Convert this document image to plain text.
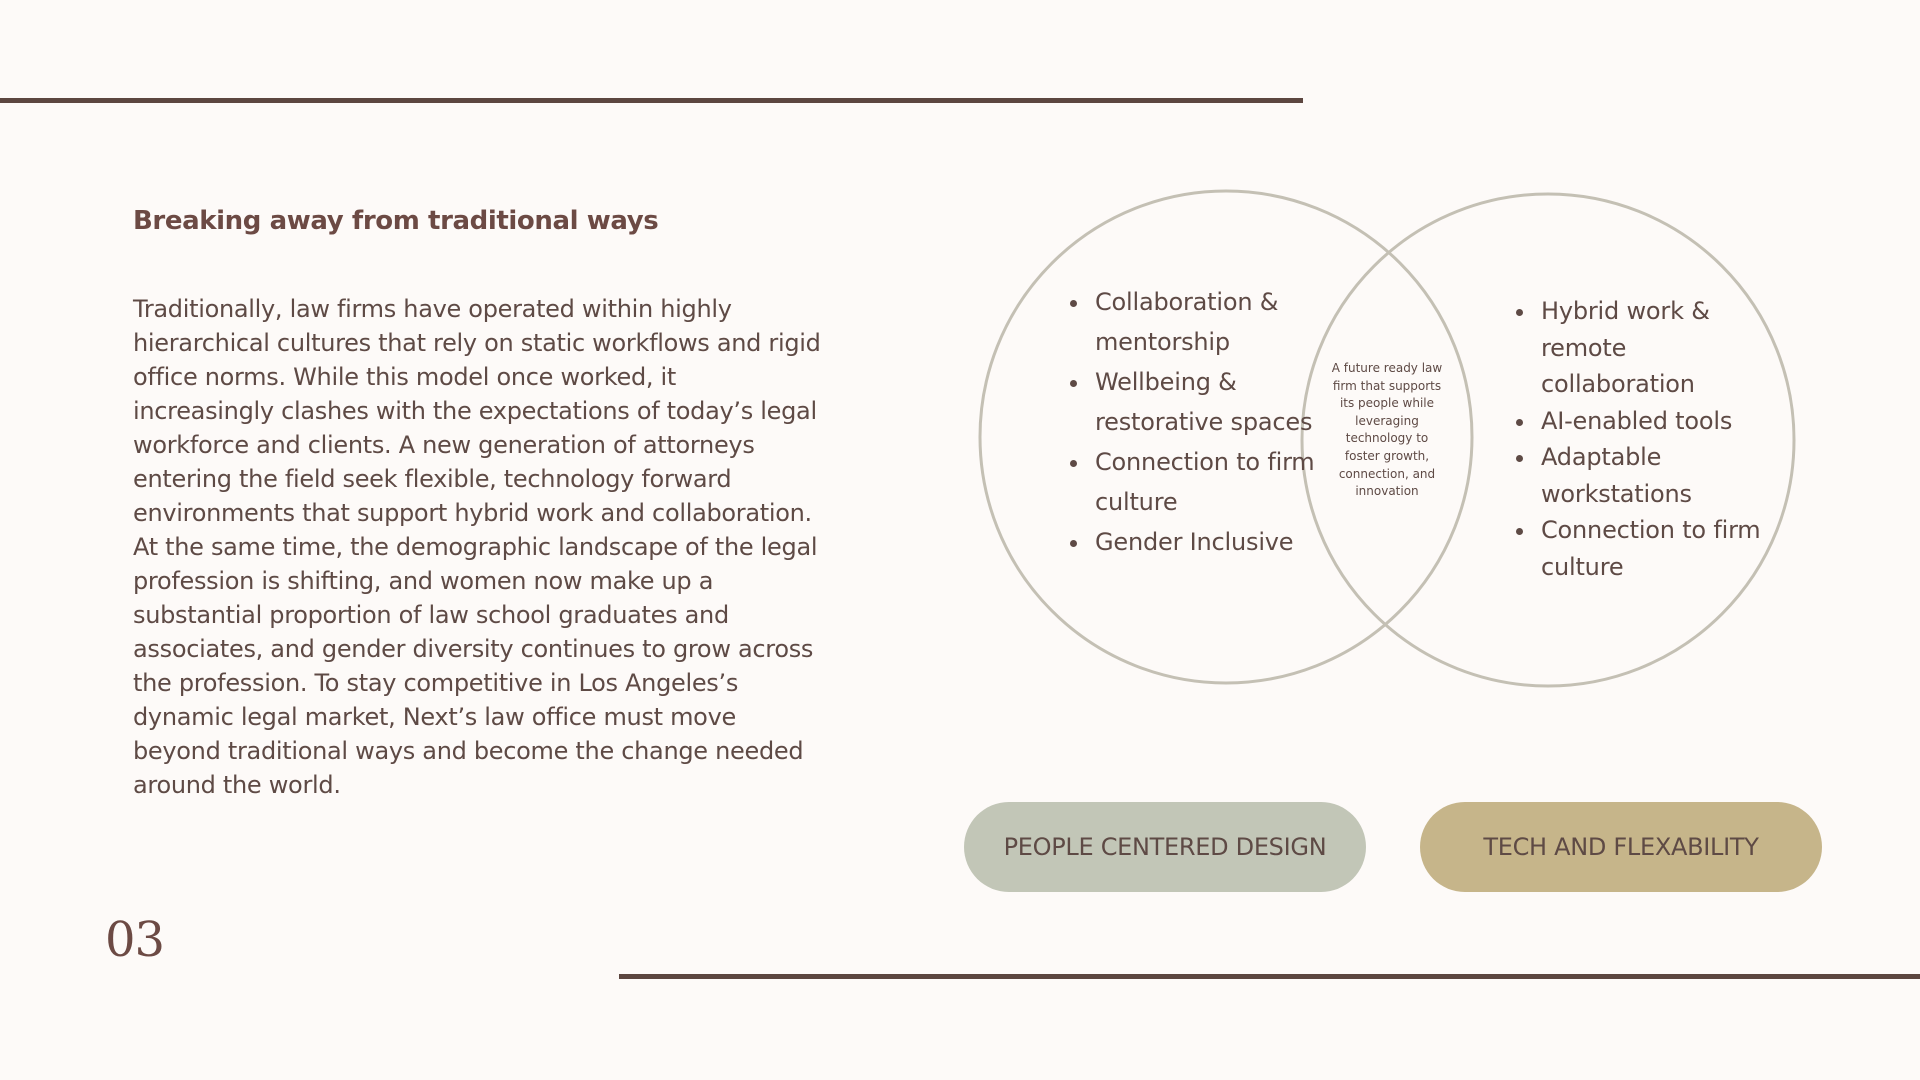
Breaking away from traditional ways

Traditionally, law firms have operated within highly hierarchical cultures that rely on static workflows and rigid office norms. While this model once worked, it increasingly clashes with the expectations of today’s legal workforce and clients. A new generation of attorneys entering the field seek flexible, technology forward environments that support hybrid work and collaboration. At the same time, the demographic landscape of the legal profession is shifting, and women now make up a substantial proportion of law school graduates and associates, and gender diversity continues to grow across the profession. To stay competitive in Los Angeles’s dynamic legal market, Next’s law office must move beyond traditional ways and become the change needed around the world.

03

• Collaboration & mentorship
• Wellbeing & restorative spaces
• Connection to firm culture
• Gender Inclusive

A future ready law firm that supports its people while leveraging technology to foster growth, connection, and innovation

• Hybrid work & remote collaboration
• AI-enabled tools
• Adaptable workstations
• Connection to firm culture
PEOPLE CENTERED DESIGN	TECH AND FLEXABILITY
